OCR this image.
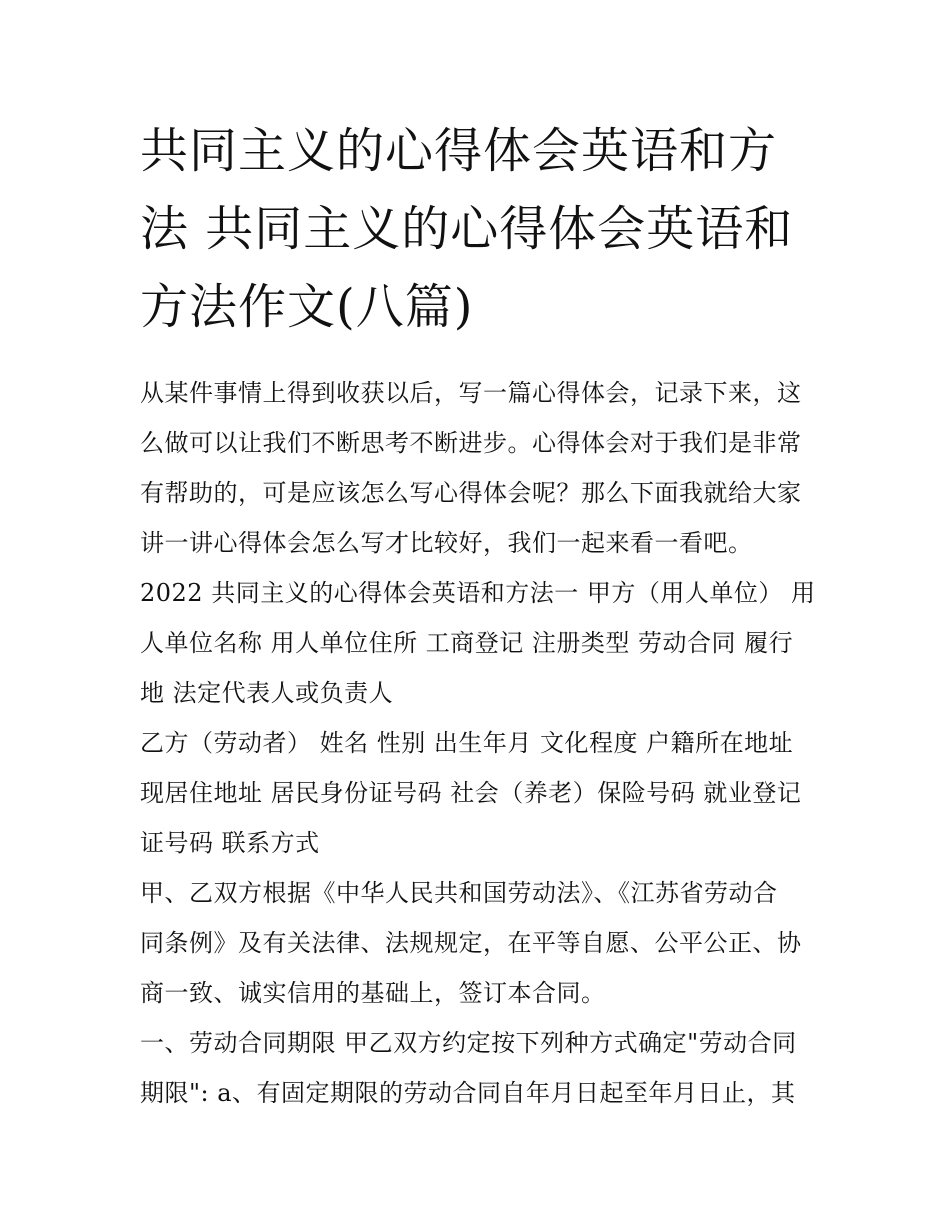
共同主义的心得体会英语和方
法 共同主义的心得体会英语和
方法作文(八篇)

从某件事情上得到收获以后，写一篇心得体会，记录下来，这
么做可以让我们不断思考不断进步。心得体会对于我们是非常
有帮助的，可是应该怎么写心得体会呢？那么下面我就给大家
讲一讲心得体会怎么写才比较好，我们一起来看一看吧。

2022 共同主义的心得体会英语和方法一 甲方（用人单位） 用
人单位名称 用人单位住所 工商登记 注册类型 劳动合同 履行
地 法定代表人或负责人

乙方（劳动者） 姓名 性别 出生年月 文化程度 户籍所在地址
现居住地址 居民身份证号码 社会（养老）保险号码 就业登记
证号码 联系方式

甲、乙双方根据《中华人民共和国劳动法》、《江苏省劳动合
同条例》及有关法律、法规规定，在平等自愿、公平公正、协
商一致、诚实信用的基础上，签订本合同。

一、劳动合同期限 甲乙双方约定按下列种方式确定"劳动合同
期限": a、有固定期限的劳动合同自年月日起至年月日止，其
